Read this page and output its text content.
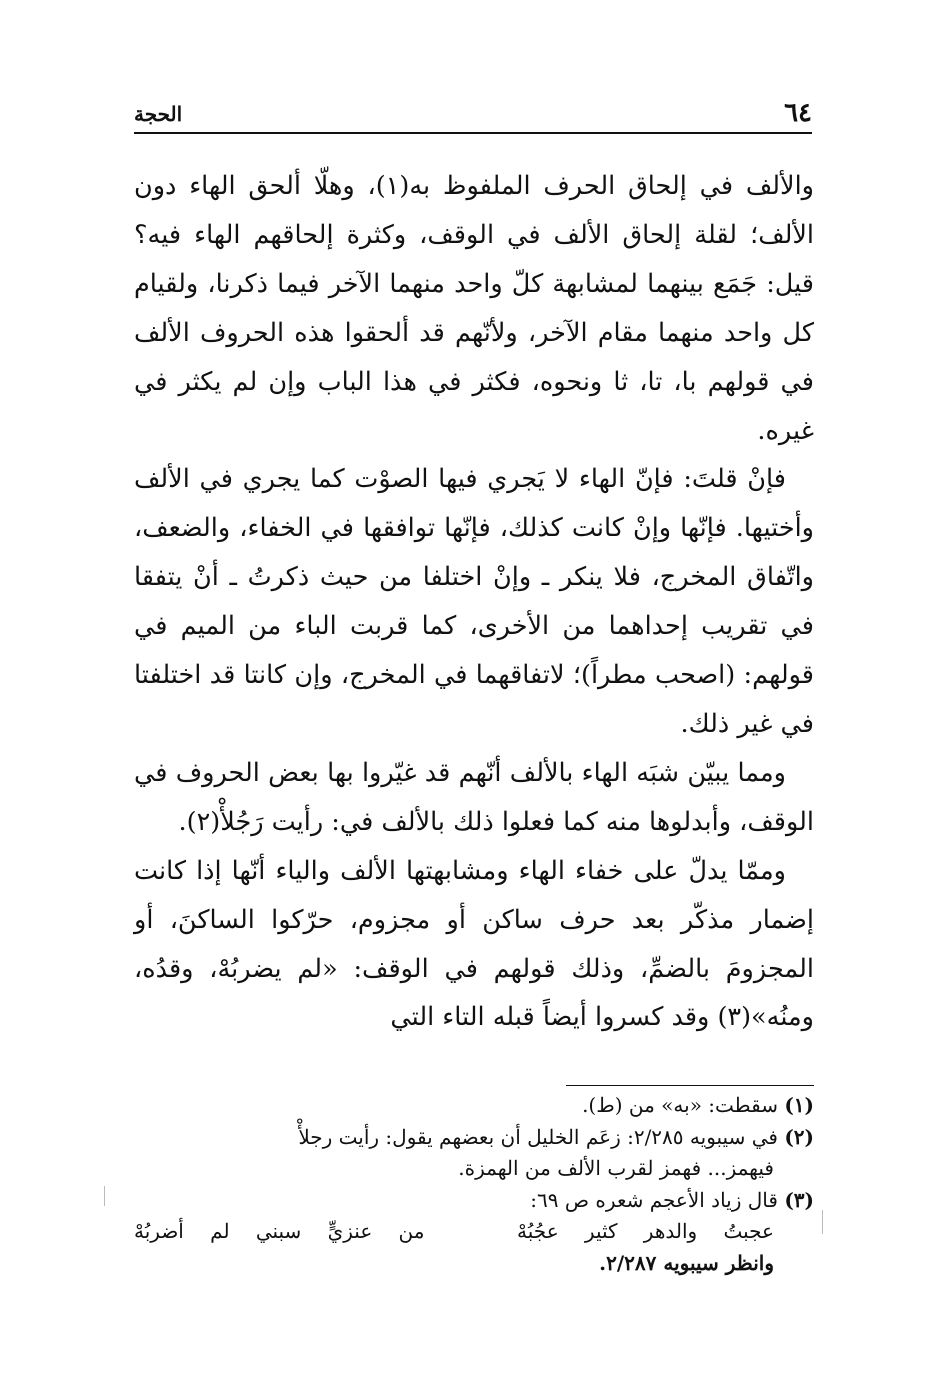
٦٤
الحجة

والألف في إلحاق الحرف الملفوظ به(١)، وهلّا ألحق الهاء دون الألف؛ لقلة إلحاق الألف في الوقف، وكثرة إلحاقهم الهاء فيه؟ قيل: جَمَع بينهما لمشابهة كلّ واحد منهما الآخر فيما ذكرنا، ولقيام كل واحد منهما مقام الآخر، ولأنّهم قد ألحقوا هذه الحروف الألف في قولهم با، تا، ثا ونحوه، فكثر في هذا الباب وإن لم يكثر في غيره.

فإنْ قلتَ: فإنّ الهاء لا يَجري فيها الصوْت كما يجري في الألف وأختيها. فإنّها وإنْ كانت كذلك، فإنّها توافقها في الخفاء، والضعف، واتّفاق المخرج، فلا ينكر ـ وإنْ اختلفا من حيث ذكرتُ ـ أنْ يتفقا في تقريب إحداهما من الأخرى، كما قربت الباء من الميم في قولهم: (اصحب مطراً)؛ لاتفاقهما في المخرج، وإن كانتا قد اختلفتا في غير ذلك.

ومما يبيّن شبَه الهاء بالألف أنّهم قد غيّروا بها بعض الحروف في الوقف، وأبدلوها منه كما فعلوا ذلك بالألف في: رأيت رَجُلأْ(٢).

وممّا يدلّ على خفاء الهاء ومشابهتها الألف والياء أنّها إذا كانت إضمار مذكّر بعد حرف ساكن أو مجزوم، حرّكوا الساكنَ، أو المجزومَ بالضمِّ، وذلك قولهم في الوقف: «لم يضربُهْ، وقدُه، ومنُه»(٣) وقد كسروا أيضاً قبله التاء التي

(١) سقطت: «به» من (ط).
(٢) في سيبويه ٢/٢٨٥: زعَم الخليل أن بعضهم يقول: رأيت رجلأْ
فيهمز... فهمز لقرب الألف من الهمزة.
(٣) قال زياد الأعجم شعره ص ٦٩:
عجبتُ والدهر كثير عجُبُهْ    من عنزيٍّ سبني لم أضربُهْ
وانظر سيبويه ٢/٢٨٧.
